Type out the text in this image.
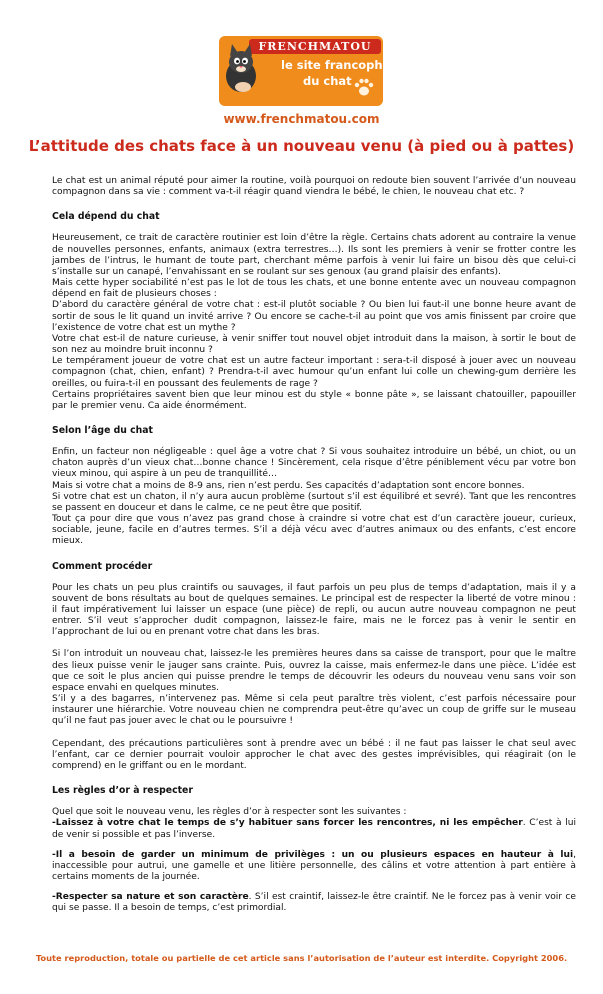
FRENCHMATOU
le site francophone
du chat
www.frenchmatou.com
L’attitude des chats face à un nouveau venu (à pied ou à pattes)

Le chat est un animal réputé pour aimer la routine, voilà pourquoi on redoute bien souvent l’arrivée d’un nouveau compagnon dans sa vie : comment va-t-il réagir quand viendra le bébé, le chien, le nouveau chat etc. ?

Cela dépend du chat

Heureusement, ce trait de caractère routinier est loin d’être la règle. Certains chats adorent au contraire la venue de nouvelles personnes, enfants, animaux (extra terrestres…). Ils sont les premiers à venir se frotter contre les jambes de l’intrus, le humant de toute part, cherchant même parfois à venir lui faire un bisou dès que celui-ci s’installe sur un canapé, l’envahissant en se roulant sur ses genoux (au grand plaisir des enfants).
Mais cette hyper sociabilité n’est pas le lot de tous les chats, et une bonne entente avec un nouveau compagnon dépend en fait de plusieurs choses :
D’abord du caractère général de votre chat : est-il plutôt sociable ? Ou bien lui faut-il une bonne heure avant de sortir de sous le lit quand un invité arrive ? Ou encore se cache-t-il au point que vos amis finissent par croire que l’existence de votre chat est un mythe ?
Votre chat est-il de nature curieuse, à venir sniffer tout nouvel objet introduit dans la maison, à sortir le bout de son nez au moindre bruit inconnu ?
Le tempérament joueur de votre chat est un autre facteur important : sera-t-il disposé à jouer avec un nouveau compagnon (chat, chien, enfant) ? Prendra-t-il avec humour qu’un enfant lui colle un chewing-gum derrière les oreilles, ou fuira-t-il en poussant des feulements de rage ?
Certains propriétaires savent bien que leur minou est du style « bonne pâte », se laissant chatouiller, papouiller par le premier venu. Ca aide énormément.

Selon l’âge du chat

Enfin, un facteur non négligeable : quel âge a votre chat ? Si vous souhaitez introduire un bébé, un chiot, ou un chaton auprès d’un vieux chat…bonne chance ! Sincèrement, cela risque d’être péniblement vécu par votre bon vieux minou, qui aspire à un peu de tranquillité…
Mais si votre chat a moins de 8-9 ans, rien n’est perdu. Ses capacités d’adaptation sont encore bonnes.
Si votre chat est un chaton, il n’y aura aucun problème (surtout s’il est équilibré et sevré). Tant que les rencontres se passent en douceur et dans le calme, ce ne peut être que positif.
Tout ça pour dire que vous n’avez pas grand chose à craindre si votre chat est d’un caractère joueur, curieux, sociable, jeune, facile en d’autres termes. S’il a déjà vécu avec d’autres animaux ou des enfants, c’est encore mieux.

Comment procéder

Pour les chats un peu plus craintifs ou sauvages, il faut parfois un peu plus de temps d’adaptation, mais il y a souvent de bons résultats au bout de quelques semaines. Le principal est de respecter la liberté de votre minou : il faut impérativement lui laisser un espace (une pièce) de repli, ou aucun autre nouveau compagnon ne peut entrer. S’il veut s’approcher dudit compagnon, laissez-le faire, mais ne le forcez pas à venir le sentir en l’approchant de lui ou en prenant votre chat dans les bras.

Si l’on introduit un nouveau chat, laissez-le les premières heures dans sa caisse de transport, pour que le maître des lieux puisse venir le jauger sans crainte. Puis, ouvrez la caisse, mais enfermez-le dans une pièce. L’idée est que ce soit le plus ancien qui puisse prendre le temps de découvrir les odeurs du nouveau venu sans voir son espace envahi en quelques minutes.
S’il y a des bagarres, n’intervenez pas. Même si cela peut paraître très violent, c’est parfois nécessaire pour instaurer une hiérarchie. Votre nouveau chien ne comprendra peut-être qu’avec un coup de griffe sur le museau qu’il ne faut pas jouer avec le chat ou le poursuivre !

Cependant, des précautions particulières sont à prendre avec un bébé : il ne faut pas laisser le chat seul avec l’enfant, car ce dernier pourrait vouloir approcher le chat avec des gestes imprévisibles, qui réagirait (on le comprend) en le griffant ou en le mordant.

Les règles d’or à respecter

Quel que soit le nouveau venu, les règles d’or à respecter sont les suivantes :
-Laissez à votre chat le temps de s’y habituer sans forcer les rencontres, ni les empêcher. C’est à lui de venir si possible et pas l’inverse.

-Il a besoin de garder un minimum de privilèges : un ou plusieurs espaces en hauteur à lui, inaccessible pour autrui, une gamelle et une litière personnelle, des câlins et votre attention à part entière à certains moments de la journée.

-Respecter sa nature et son caractère. S’il est craintif, laissez-le être craintif. Ne le forcez pas à venir voir ce qui se passe. Il a besoin de temps, c’est primordial.

Toute reproduction, totale ou partielle de cet article sans l’autorisation de l’auteur est interdite. Copyright 2006.
